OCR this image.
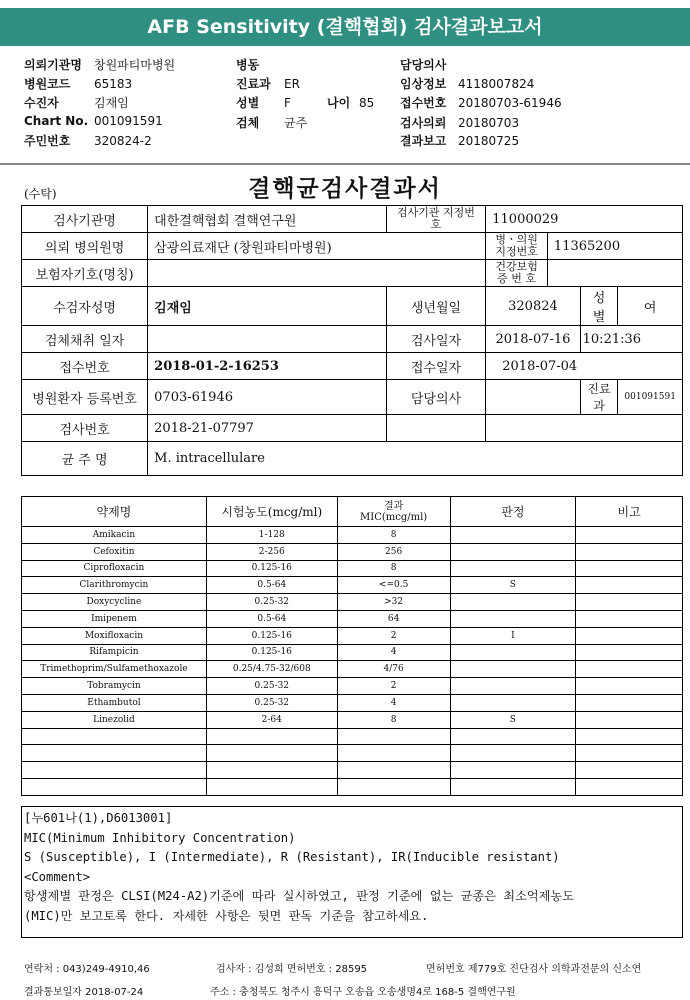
AFB Sensitivity (결핵협회) 검사결과보고서
의뢰기관명 창원파티마병원
병원코드 65183
수진자	김재임
Chart No. 001091591
주민번호 320824-2
병동
진료과 ER
성별 F
검체 균주
나이 85
담당의사
임상정보 4118007824
접수번호 20180703-61946
검사의뢰 20180703
결과보고 20180725
(수탁)	결핵균검사결과서
검사기관명	대한결핵협회 결핵연구원	검사기관 지정번호	11000029			
의뢰 병의원명	삼광의료재단 (창원파티마병원)		병ㆍ의원 지정번호	11365200		
보험자기호(명칭)			건강보험 증 번 호			
수검자성명	김재임	생년월일	320824		성별	여
검체채취 일자		검사일자	2018-07-16		10:21:36	
접수번호	2018-01-2-16253	접수일자	2018-07-04			
병원환자 등록번호	0703-61946	담당의사			진료과	001091591
검사번호	2018-21-07797					
균 주 명	M. intracellulare					
약제명	시험농도(mcg/ml)	결과
MIC(mcg/ml)	판정	비고
Amikacin	1-128	8		
Cefoxitin	2-256	256		
Ciprofloxacin	0.125-16	8		
Clarithromycin	0.5-64	<=0.5	S	
Doxycycline	0.25-32	>32		
Imipenem	0.5-64	64		
Moxifloxacin	0.125-16	2	I	
Rifampicin	0.125-16	4		
Trimethoprim/Sulfamethoxazole	0.25/4.75-32/608	4/76		
Tobramycin	0.25-32	2		
Ethambutol	0.25-32	4		
Linezolid	2-64	8	S	

[누601나(1),D6013001]
MIC(Minimum Inhibitory Concentration)
S (Susceptible), I (Intermediate), R (Resistant), IR(Inducible resistant)
<Comment>
항생제별 판정은 CLSI(M24-A2)기준에 따라 실시하였고, 판정 기준에 없는 균종은 최소억제농도
(MIC)만 보고토록 한다. 자세한 사항은 뒷면 판독 기준을 참고하세요.
연락처 : 043)249-4910,46	검사자 : 김성희 면허번호 : 28595	면허번호 제779호 진단검사 의학과전문의 신소연
결과통보일자 2018-07-24	주소 : 충청북도 청주시 흥덕구 오송읍 오송생명4로 168-5 결핵연구원
